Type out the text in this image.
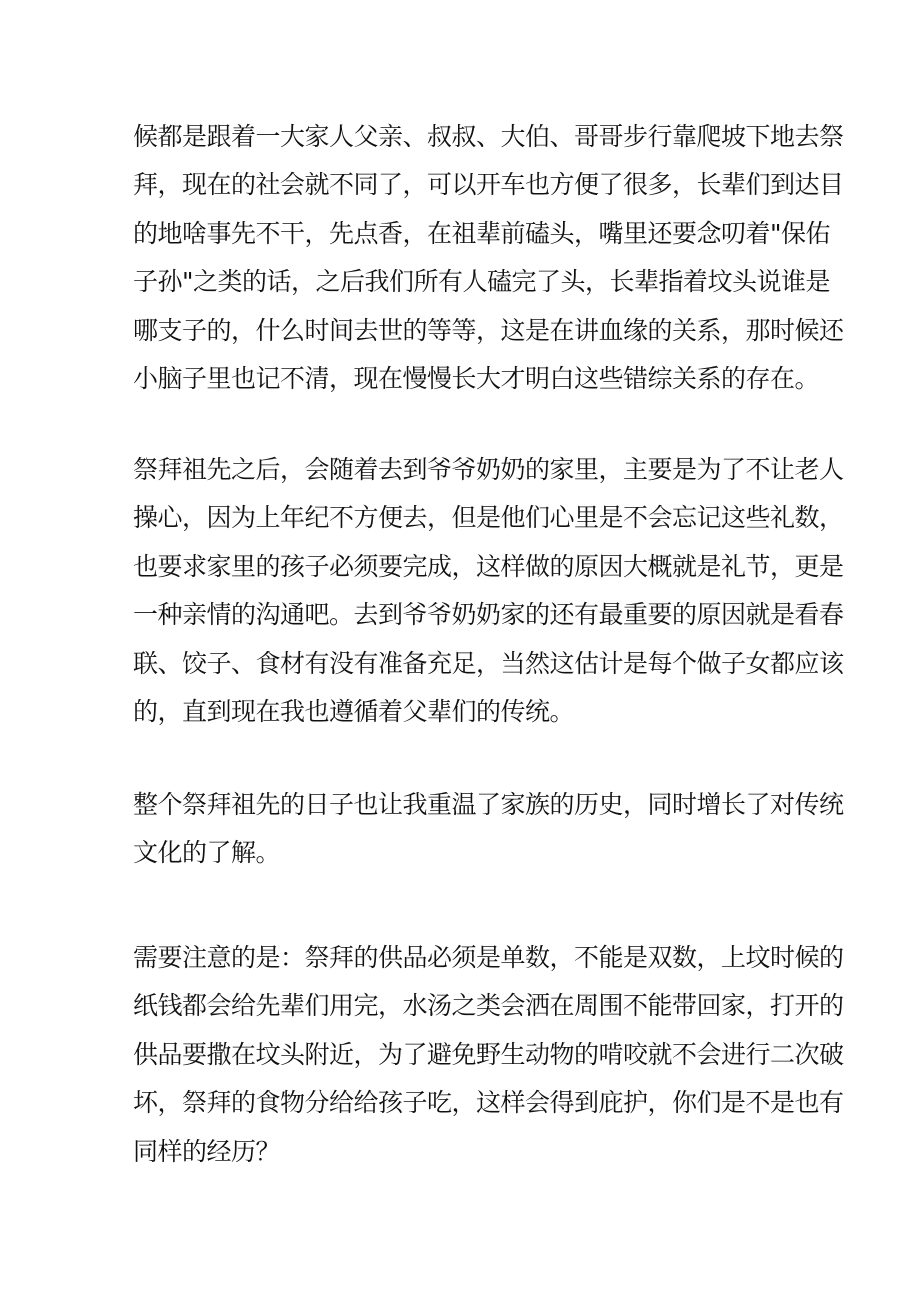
候都是跟着一大家人父亲、叔叔、大伯、哥哥步行靠爬坡下地去祭
拜，现在的社会就不同了，可以开车也方便了很多，长辈们到达目
的地啥事先不干，先点香，在祖辈前磕头，嘴里还要念叨着"保佑
子孙"之类的话，之后我们所有人磕完了头，长辈指着坟头说谁是
哪支子的，什么时间去世的等等，这是在讲血缘的关系，那时候还
小脑子里也记不清，现在慢慢长大才明白这些错综关系的存在。

祭拜祖先之后，会随着去到爷爷奶奶的家里，主要是为了不让老人
操心，因为上年纪不方便去，但是他们心里是不会忘记这些礼数，
也要求家里的孩子必须要完成，这样做的原因大概就是礼节，更是
一种亲情的沟通吧。去到爷爷奶奶家的还有最重要的原因就是看春
联、饺子、食材有没有准备充足，当然这估计是每个做子女都应该
的，直到现在我也遵循着父辈们的传统。

整个祭拜祖先的日子也让我重温了家族的历史，同时增长了对传统
文化的了解。

需要注意的是：祭拜的供品必须是单数，不能是双数，上坟时候的
纸钱都会给先辈们用完，水汤之类会洒在周围不能带回家，打开的
供品要撒在坟头附近，为了避免野生动物的啃咬就不会进行二次破
坏，祭拜的食物分给给孩子吃，这样会得到庇护，你们是不是也有
同样的经历？
